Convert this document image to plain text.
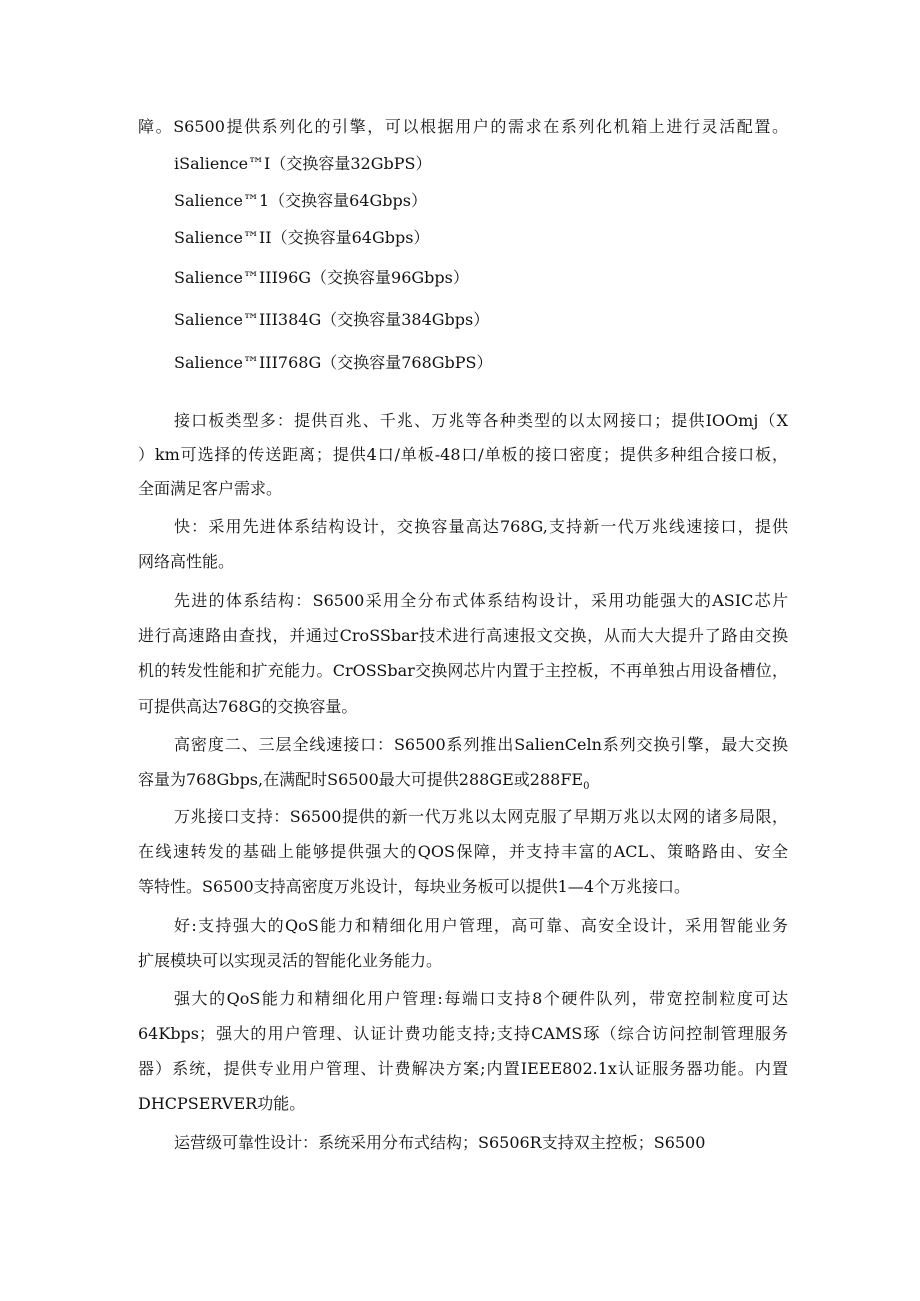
障。S6500提供系列化的引擎，可以根据用户的需求在系列化机箱上进行灵活配置。
iSalience™I（交换容量32GbPS）
Salience™1（交换容量64Gbps）
Salience™II（交换容量64Gbps）
Salience™III96G（交换容量96Gbps）
Salience™III384G（交换容量384Gbps）
Salience™III768G（交换容量768GbPS）
接口板类型多：提供百兆、千兆、万兆等各种类型的以太网接口；提供IOOmj（X
）km可选择的传送距离；提供4口/单板-48口/单板的接口密度；提供多种组合接口板，
全面满足客户需求。
快：采用先进体系结构设计，交换容量高达768G,支持新一代万兆线速接口，提供
网络高性能。
先进的体系结构：S6500采用全分布式体系结构设计，采用功能强大的ASIC芯片
进行高速路由查找，并通过CroSSbar技术进行高速报文交换，从而大大提升了路由交换
机的转发性能和扩充能力。CrOSSbar交换网芯片内置于主控板，不再单独占用设备槽位，
可提供高达768G的交换容量。
高密度二、三层全线速接口：S6500系列推出SalienCeln系列交换引擎，最大交换
容量为768Gbps,在满配时S6500最大可提供288GE或$288FE_0$
万兆接口支持：S6500提供的新一代万兆以太网克服了早期万兆以太网的诸多局限，
在线速转发的基础上能够提供强大的QOS保障，并支持丰富的ACL、策略路由、安全
等特性。S6500支持高密度万兆设计，每块业务板可以提供1—4个万兆接口。
好:支持强大的QoS能力和精细化用户管理，高可靠、高安全设计，采用智能业务
扩展模块可以实现灵活的智能化业务能力。
强大的QoS能力和精细化用户管理:每端口支持8个硬件队列，带宽控制粒度可达
64Kbps；强大的用户管理、认证计费功能支持;支持CAMS琢（综合访问控制管理服务
器）系统，提供专业用户管理、计费解决方案;内置IEEE802.1x认证服务器功能。内置
DHCPSERVER功能。
运营级可靠性设计：系统采用分布式结构；S6506R支持双主控板；S6500
